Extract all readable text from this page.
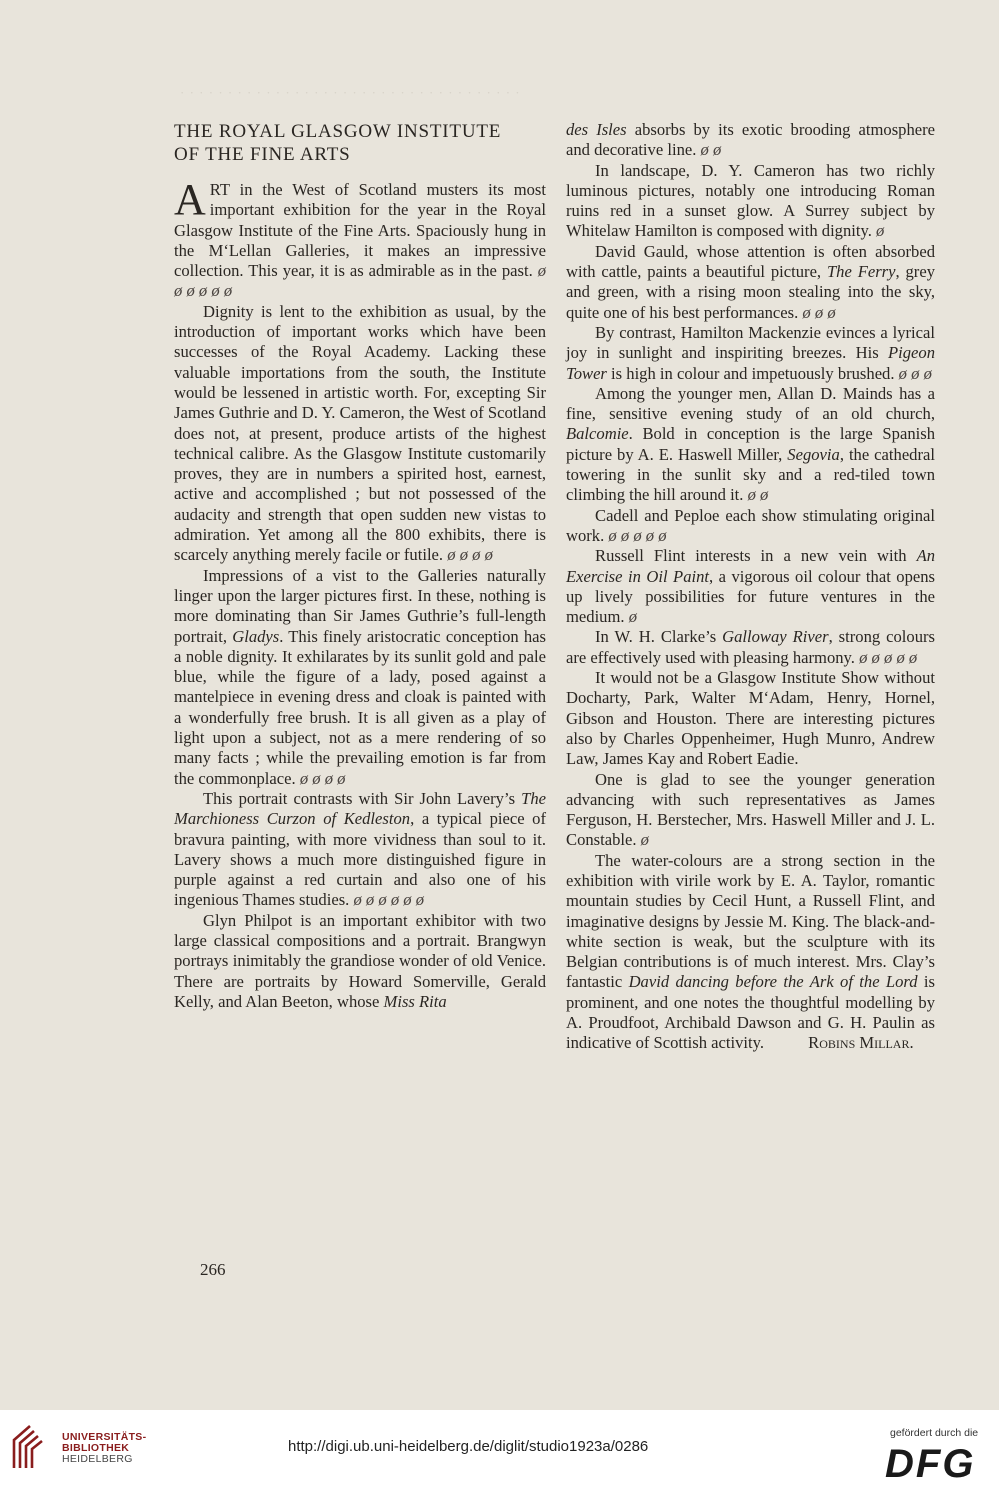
· · · · · · · · · · · · · · · · · · · · · · · · · · · · · · · · · · · ·
THE ROYAL GLASGOW INSTITUTE
OF THE FINE ARTS

ART in the West of Scotland musters its most important exhibition for the year in the Royal Glasgow Institute of the Fine Arts. Spaciously hung in the M‘Lellan Galleries, it makes an impressive collection. This year, it is as admirable as in the past. ø ø ø ø ø ø

Dignity is lent to the exhibition as usual, by the introduction of important works which have been successes of the Royal Academy. Lacking these valuable importations from the south, the Institute would be lessened in artistic worth. For, excepting Sir James Guthrie and D. Y. Cameron, the West of Scotland does not, at present, produce artists of the highest technical calibre. As the Glasgow Institute customarily proves, they are in numbers a spirited host, earnest, active and accomplished ; but not possessed of the audacity and strength that open sudden new vistas to admiration. Yet among all the 800 exhibits, there is scarcely anything merely facile or futile. ø ø ø ø

Impressions of a vist to the Galleries naturally linger upon the larger pictures first. In these, nothing is more dominating than Sir James Guthrie’s full-length portrait, Gladys. This finely aristocratic conception has a noble dignity. It exhilarates by its sunlit gold and pale blue, while the figure of a lady, posed against a mantelpiece in evening dress and cloak is painted with a wonderfully free brush. It is all given as a play of light upon a subject, not as a mere rendering of so many facts ; while the prevailing emotion is far from the commonplace. ø ø ø ø

This portrait contrasts with Sir John Lavery’s The Marchioness Curzon of Kedleston, a typical piece of bravura painting, with more vividness than soul to it. Lavery shows a much more distinguished figure in purple against a red curtain and also one of his ingenious Thames studies. ø ø ø ø ø ø

Glyn Philpot is an important exhibitor with two large classical compositions and a portrait. Brangwyn portrays inimitably the grandiose wonder of old Venice. There are portraits by Howard Somerville, Gerald Kelly, and Alan Beeton, whose Miss Rita

266

des Isles absorbs by its exotic brooding atmosphere and decorative line. ø ø

In landscape, D. Y. Cameron has two richly luminous pictures, notably one introducing Roman ruins red in a sunset glow. A Surrey subject by Whitelaw Hamilton is composed with dignity. ø

David Gauld, whose attention is often absorbed with cattle, paints a beautiful picture, The Ferry, grey and green, with a rising moon stealing into the sky, quite one of his best performances. ø ø ø

By contrast, Hamilton Mackenzie evinces a lyrical joy in sunlight and inspiriting breezes. His Pigeon Tower is high in colour and impetuously brushed. ø ø ø

Among the younger men, Allan D. Mainds has a fine, sensitive evening study of an old church, Balcomie. Bold in conception is the large Spanish picture by A. E. Haswell Miller, Segovia, the cathedral towering in the sunlit sky and a red-tiled town climbing the hill around it. ø ø

Cadell and Peploe each show stimulating original work. ø ø ø ø ø

Russell Flint interests in a new vein with An Exercise in Oil Paint, a vigorous oil colour that opens up lively possibilities for future ventures in the medium. ø

In W. H. Clarke’s Galloway River, strong colours are effectively used with pleasing harmony. ø ø ø ø ø

It would not be a Glasgow Institute Show without Docharty, Park, Walter M‘Adam, Henry, Hornel, Gibson and Houston. There are interesting pictures also by Charles Oppenheimer, Hugh Munro, Andrew Law, James Kay and Robert Eadie.

One is glad to see the younger generation advancing with such representatives as James Ferguson, H. Berstecher, Mrs. Haswell Miller and J. L. Constable. ø

The water-colours are a strong section in the exhibition with virile work by E. A. Taylor, romantic mountain studies by Cecil Hunt, a Russell Flint, and imaginative designs by Jessie M. King. The black-and-white section is weak, but the sculpture with its Belgian contributions is of much interest. Mrs. Clay’s fantastic David dancing before the Ark of the Lord is prominent, and one notes the thoughtful modelling by A. Proudfoot, Archibald Dawson and G. H. Paulin as indicative of Scottish activity.	Robins Millar.

UNIVERSITÄTS-
BIBLIOTHEK
HEIDELBERG
http://digi.ub.uni-heidelberg.de/diglit/studio1923a/0286
gefördert durch die
DFG
